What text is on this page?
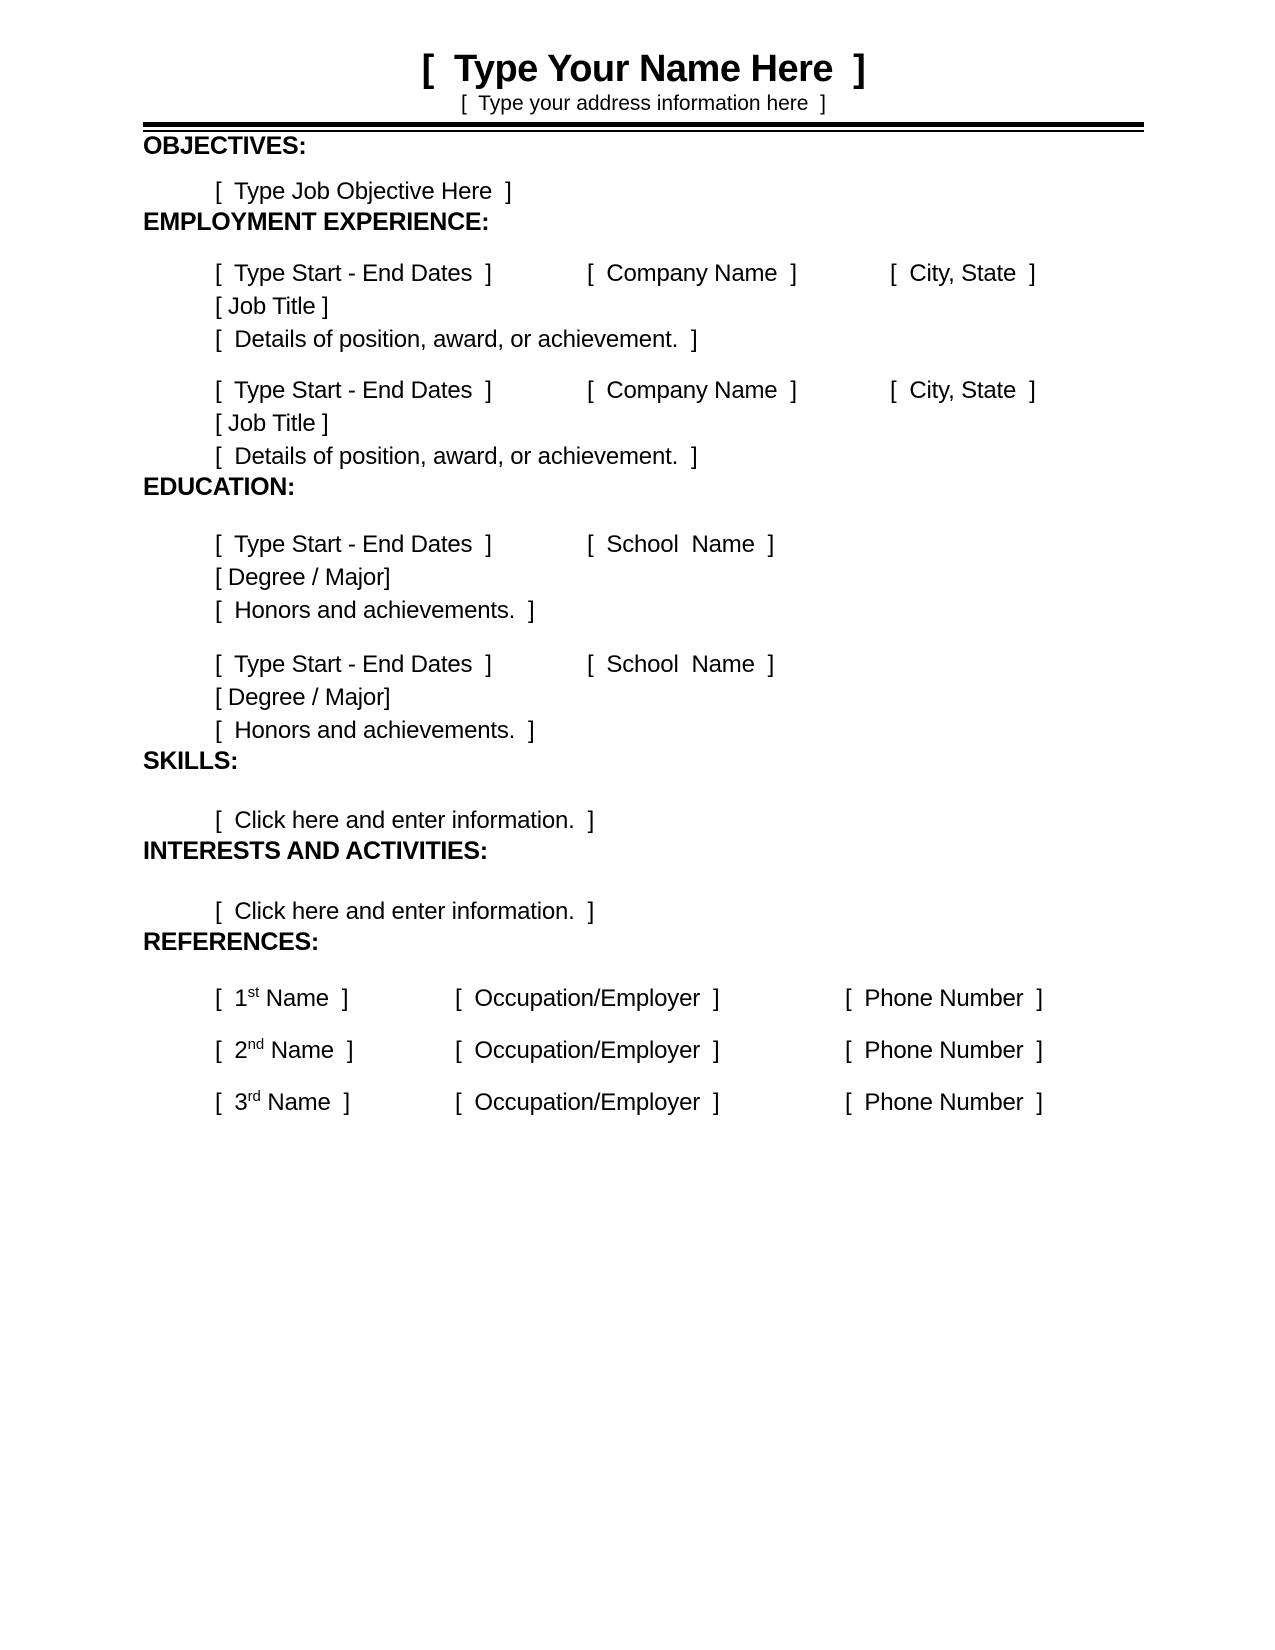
[  Type Your Name Here  ]
[  Type your address information here  ]
OBJECTIVES:
[  Type Job Objective Here  ]
EMPLOYMENT EXPERIENCE:
[  Type Start - End Dates  ]	[  Company Name  ]	[  City, State  ]
[ Job Title ]
[  Details of position, award, or achievement.  ]
[  Type Start - End Dates  ]	[  Company Name  ]	[  City, State  ]
[ Job Title ]
[  Details of position, award, or achievement.  ]
EDUCATION:
[  Type Start - End Dates  ]	[  School  Name  ]
[ Degree / Major]
[  Honors and achievements.  ]
[  Type Start - End Dates  ]	[  School  Name  ]
[ Degree / Major]
[  Honors and achievements.  ]
SKILLS:
[  Click here and enter information.  ]
INTERESTS AND ACTIVITIES:
[  Click here and enter information.  ]
REFERENCES:
[  1st Name  ]	[  Occupation/Employer  ]	[  Phone Number  ]
[  2nd Name  ]	[  Occupation/Employer  ]	[  Phone Number  ]
[  3rd Name  ]	[  Occupation/Employer  ]	[  Phone Number  ]
